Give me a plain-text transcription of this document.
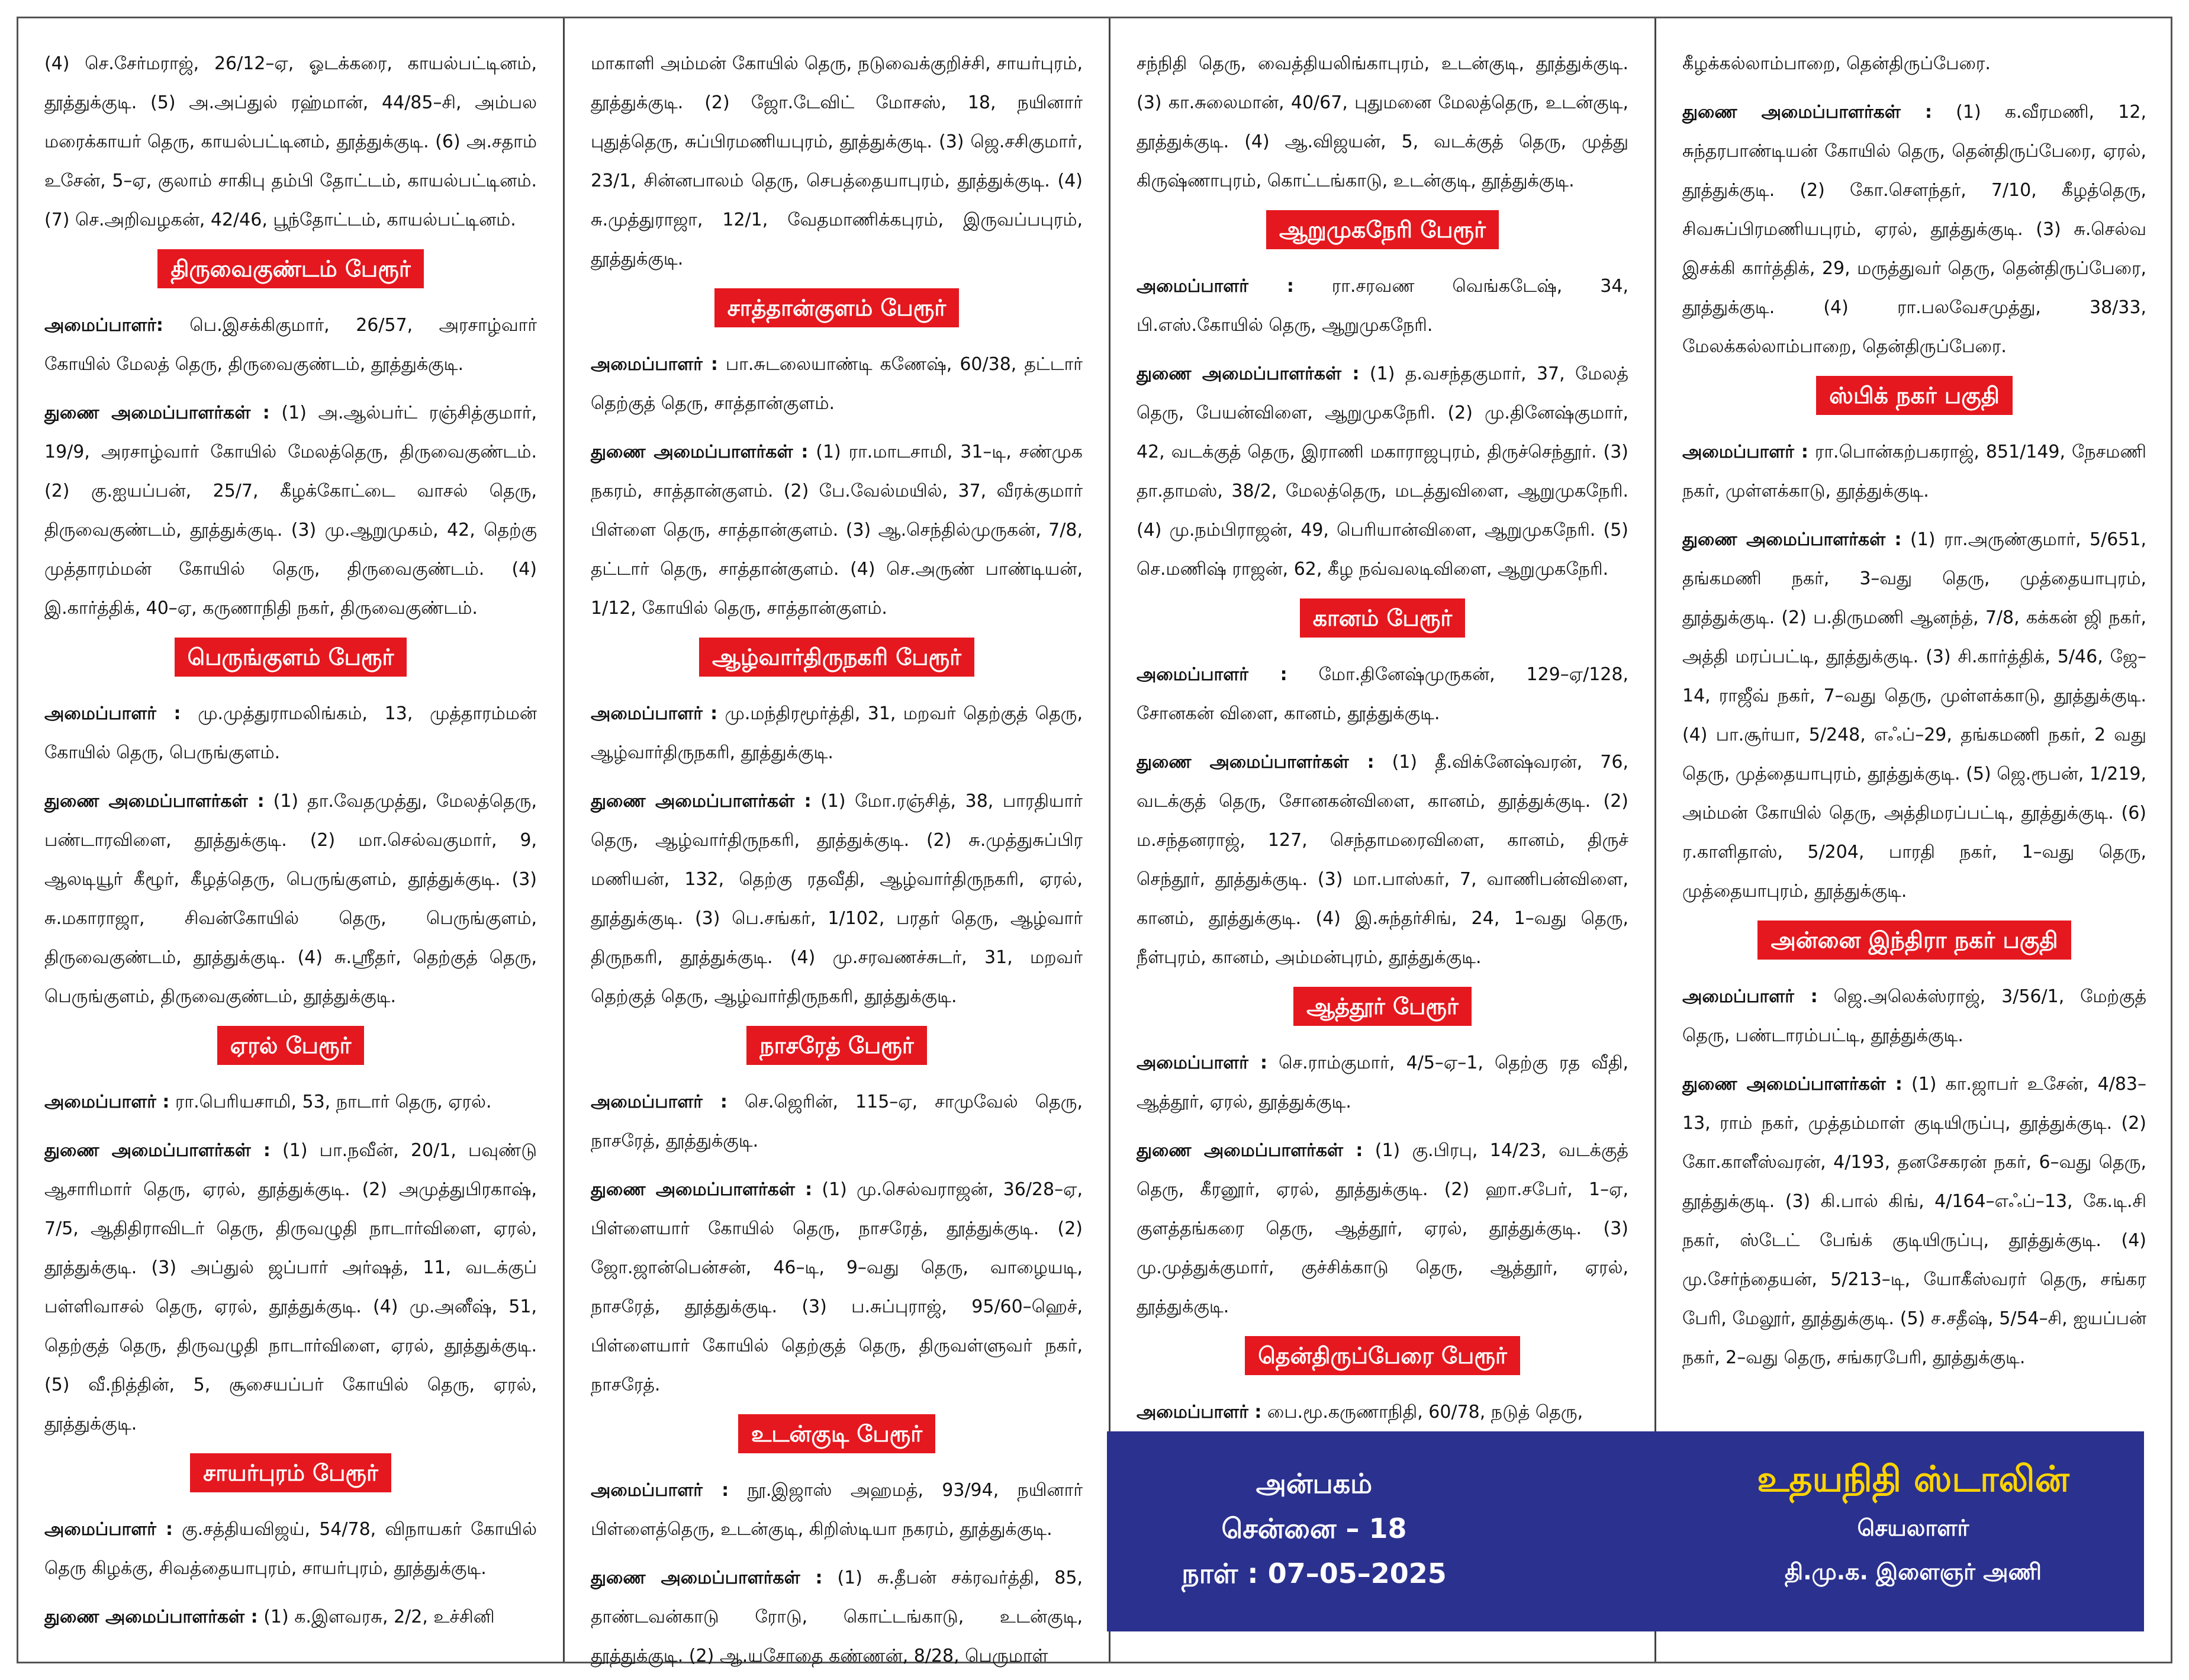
(4) செ.சேர்மராஜ், 26/12–ஏ, ஓடக்கரை, காயல்பட்டினம், தூத்துக்குடி. (5) அ.அப்துல் ரஹ்மான், 44/85–சி, அம்பல மரைக்காயர் தெரு, காயல்பட்டினம், தூத்துக்குடி. (6) அ.சதாம் உசேன், 5–ஏ, குலாம் சாகிபு தம்பி தோட்டம், காயல்பட்டினம். (7) செ.அறிவழகன், 42/46, பூந்தோட்டம், காயல்பட்டினம்.

திருவைகுண்டம் பேரூர்

அமைப்பாளர்: பெ.இசக்கிகுமார், 26/57, அரசாழ்வார் கோயில் மேலத் தெரு, திருவைகுண்டம், தூத்துக்குடி.

துணை அமைப்பாளர்கள் : (1) அ.ஆல்பர்ட் ரஞ்சித்குமார், 19/9, அரசாழ்வார் கோயில் மேலத்தெரு, திருவைகுண்டம். (2) கு.ஐயப்பன், 25/7, கீழக்கோட்டை வாசல் தெரு, திருவைகுண்டம், தூத்துக்குடி. (3) மு.ஆறுமுகம், 42, தெற்கு முத்தாரம்மன் கோயில் தெரு, திருவைகுண்டம். (4) இ.கார்த்திக், 40–ஏ, கருணாநிதி நகர், திருவைகுண்டம்.

பெருங்குளம் பேரூர்

அமைப்பாளர் : மு.முத்துராமலிங்கம், 13, முத்தாரம்மன் கோயில் தெரு, பெருங்குளம்.

துணை அமைப்பாளர்கள் : (1) தா.வேதமுத்து, மேலத்தெரு, பண்டாரவிளை, தூத்துக்குடி. (2) மா.செல்வகுமார், 9, ஆலடியூர் கீழூர், கீழத்தெரு, பெருங்குளம், தூத்துக்குடி. (3) சு.மகாராஜா, சிவன்கோயில் தெரு, பெருங்குளம், திருவைகுண்டம், தூத்துக்குடி. (4) சு.ஸ்ரீதர், தெற்குத் தெரு, பெருங்குளம், திருவைகுண்டம், தூத்துக்குடி.

ஏரல் பேரூர்

அமைப்பாளர் : ரா.பெரியசாமி, 53, நாடார் தெரு, ஏரல்.

துணை அமைப்பாளர்கள் : (1) பா.நவீன், 20/1, பவுண்டு ஆசாரிமார் தெரு, ஏரல், தூத்துக்குடி. (2) அமுத்துபிரகாஷ், 7/5, ஆதிதிராவிடர் தெரு, திருவழுதி நாடார்விளை, ஏரல், தூத்துக்குடி. (3) அப்துல் ஜப்பார் அர்ஷத், 11, வடக்குப் பள்ளிவாசல் தெரு, ஏரல், தூத்துக்குடி. (4) மு.அனீஷ், 51, தெற்குத் தெரு, திருவழுதி நாடார்விளை, ஏரல், தூத்துக்குடி. (5) வீ.நித்தின், 5, சூசையப்பர் கோயில் தெரு, ஏரல், தூத்துக்குடி.

சாயர்புரம் பேரூர்

அமைப்பாளர் : கு.சத்தியவிஜய், 54/78, விநாயகர் கோயில் தெரு கிழக்கு, சிவத்தையாபுரம், சாயர்புரம், தூத்துக்குடி.

துணை அமைப்பாளர்கள் : (1) க.இளவரசு, 2/2, உச்சினி

மாகாளி அம்மன் கோயில் தெரு, நடுவைக்குறிச்சி, சாயர்புரம், தூத்துக்குடி. (2) ஜோ.டேவிட் மோசஸ், 18, நயினார் புதுத்தெரு, சுப்பிரமணியபுரம், தூத்துக்குடி. (3) ஜெ.சசிகுமார், 23/1, சின்னபாலம் தெரு, செபத்தையாபுரம், தூத்துக்குடி. (4) சு.முத்துராஜா, 12/1, வேதமாணிக்கபுரம், இருவப்பபுரம், தூத்துக்குடி.

சாத்தான்குளம் பேரூர்

அமைப்பாளர் : பா.சுடலையாண்டி கணேஷ், 60/38, தட்டார் தெற்குத் தெரு, சாத்தான்குளம்.

துணை அமைப்பாளர்கள் : (1) ரா.மாடசாமி, 31–டி, சண்முக நகரம், சாத்தான்குளம். (2) பே.வேல்மயில், 37, வீரக்குமார் பிள்ளை தெரு, சாத்தான்குளம். (3) ஆ.செந்தில்முருகன், 7/8, தட்டார் தெரு, சாத்தான்குளம். (4) செ.அருண் பாண்டியன், 1/12, கோயில் தெரு, சாத்தான்குளம்.

ஆழ்வார்திருநகரி பேரூர்

அமைப்பாளர் : மு.மந்திரமூர்த்தி, 31, மறவர் தெற்குத் தெரு, ஆழ்வார்திருநகரி, தூத்துக்குடி.

துணை அமைப்பாளர்கள் : (1) மோ.ரஞ்சித், 38, பாரதியார் தெரு, ஆழ்வார்திருநகரி, தூத்துக்குடி. (2) சு.முத்துசுப்பிர மணியன், 132, தெற்கு ரதவீதி, ஆழ்வார்திருநகரி, ஏரல், தூத்துக்குடி. (3) பெ.சங்கர், 1/102, பரதர் தெரு, ஆழ்வார் திருநகரி, தூத்துக்குடி. (4) மு.சரவணச்சுடர், 31, மறவர் தெற்குத் தெரு, ஆழ்வார்திருநகரி, தூத்துக்குடி.

நாசரேத் பேரூர்

அமைப்பாளர் : செ.ஜெரின், 115–ஏ, சாமுவேல் தெரு, நாசரேத், தூத்துக்குடி.

துணை அமைப்பாளர்கள் : (1) மு.செல்வராஜன், 36/28–ஏ, பிள்ளையார் கோயில் தெரு, நாசரேத், தூத்துக்குடி. (2) ஜோ.ஜான்பென்சன், 46–டி, 9–வது தெரு, வாழையடி, நாசரேத், தூத்துக்குடி. (3) ப.சுப்புராஜ், 95/60–ஹெச், பிள்ளையார் கோயில் தெற்குத் தெரு, திருவள்ளுவர் நகர், நாசரேத்.

உடன்குடி பேரூர்

அமைப்பாளர் : நூ.இஜாஸ் அஹமத், 93/94, நயினார் பிள்ளைத்தெரு, உடன்குடி, கிறிஸ்டியா நகரம், தூத்துக்குடி.

துணை அமைப்பாளர்கள் : (1) சு.தீபன் சக்ரவர்த்தி, 85, தாண்டவன்காடு ரோடு, கொட்டங்காடு, உடன்குடி, தூத்துக்குடி. (2) ஆ.யசோதை கண்ணன், 8/28, பெருமாள்

சந்நிதி தெரு, வைத்தியலிங்காபுரம், உடன்குடி, தூத்துக்குடி. (3) கா.சுலைமான், 40/67, புதுமனை மேலத்தெரு, உடன்குடி, தூத்துக்குடி. (4) ஆ.விஜயன், 5, வடக்குத் தெரு, முத்து கிருஷ்ணாபுரம், கொட்டங்காடு, உடன்குடி, தூத்துக்குடி.

ஆறுமுகநேரி பேரூர்

அமைப்பாளர் : ரா.சரவண வெங்கடேஷ், 34, பி.எஸ்.கோயில் தெரு, ஆறுமுகநேரி.

துணை அமைப்பாளர்கள் : (1) த.வசந்தகுமார், 37, மேலத் தெரு, பேயன்விளை, ஆறுமுகநேரி. (2) மு.தினேஷ்குமார், 42, வடக்குத் தெரு, இராணி மகாராஜபுரம், திருச்செந்தூர். (3) தா.தாமஸ், 38/2, மேலத்தெரு, மடத்துவிளை, ஆறுமுகநேரி. (4) மு.நம்பிராஜன், 49, பெரியான்விளை, ஆறுமுகநேரி. (5) செ.மணிஷ் ராஜன், 62, கீழ நவ்வலடிவிளை, ஆறுமுகநேரி.

கானம் பேரூர்

அமைப்பாளர் : மோ.தினேஷ்முருகன், 129–ஏ/128, சோனகன் விளை, கானம், தூத்துக்குடி.

துணை அமைப்பாளர்கள் : (1) தீ.விக்னேஷ்வரன், 76, வடக்குத் தெரு, சோனகன்விளை, கானம், தூத்துக்குடி. (2) ம.சந்தனராஜ், 127, செந்தாமரைவிளை, கானம், திருச் செந்தூர், தூத்துக்குடி. (3) மா.பாஸ்கர், 7, வாணிபன்விளை, கானம், தூத்துக்குடி. (4) இ.சுந்தர்சிங், 24, 1–வது தெரு, நீள்புரம், கானம், அம்மன்புரம், தூத்துக்குடி.

ஆத்தூர் பேரூர்

அமைப்பாளர் : செ.ராம்குமார், 4/5–ஏ–1, தெற்கு ரத வீதி, ஆத்தூர், ஏரல், தூத்துக்குடி.

துணை அமைப்பாளர்கள் : (1) கு.பிரபு, 14/23, வடக்குத் தெரு, கீரனூர், ஏரல், தூத்துக்குடி. (2) ஹா.சபேர், 1–ஏ, குளத்தங்கரை தெரு, ஆத்தூர், ஏரல், தூத்துக்குடி. (3) மு.முத்துக்குமார், குச்சிக்காடு தெரு, ஆத்தூர், ஏரல், தூத்துக்குடி.

தென்திருப்பேரை பேரூர்

அமைப்பாளர் : பை.மூ.கருணாநிதி, 60/78, நடுத் தெரு,

கீழக்கல்லாம்பாறை, தென்திருப்பேரை.

துணை அமைப்பாளர்கள் : (1) க.வீரமணி, 12, சுந்தரபாண்டியன் கோயில் தெரு, தென்திருப்பேரை, ஏரல், தூத்துக்குடி. (2) கோ.சௌந்தர், 7/10, கீழத்தெரு, சிவசுப்பிரமணியபுரம், ஏரல், தூத்துக்குடி. (3) சு.செல்வ இசக்கி கார்த்திக், 29, மருத்துவர் தெரு, தென்திருப்பேரை, தூத்துக்குடி. (4) ரா.பலவேசமுத்து, 38/33, மேலக்கல்லாம்பாறை, தென்திருப்பேரை.

ஸ்பிக் நகர் பகுதி

அமைப்பாளர் : ரா.பொன்கற்பகராஜ், 851/149, நேசமணி நகர், முள்ளக்காடு, தூத்துக்குடி.

துணை அமைப்பாளர்கள் : (1) ரா.அருண்குமார், 5/651, தங்கமணி நகர், 3–வது தெரு, முத்தையாபுரம், தூத்துக்குடி. (2) ப.திருமணி ஆனந்த், 7/8, கக்கன் ஜி நகர், அத்தி மரப்பட்டி, தூத்துக்குடி. (3) சி.கார்த்திக், 5/46, ஜே–14, ராஜீவ் நகர், 7–வது தெரு, முள்ளக்காடு, தூத்துக்குடி. (4) பா.சூர்யா, 5/248, எஃப்–29, தங்கமணி நகர், 2 வது தெரு, முத்தையாபுரம், தூத்துக்குடி. (5) ஜெ.ரூபன், 1/219, அம்மன் கோயில் தெரு, அத்திமரப்பட்டி, தூத்துக்குடி. (6) ர.காளிதாஸ், 5/204, பாரதி நகர், 1–வது தெரு, முத்தையாபுரம், தூத்துக்குடி.

அன்னை இந்திரா நகர் பகுதி

அமைப்பாளர் : ஜெ.அலெக்ஸ்ராஜ், 3/56/1, மேற்குத் தெரு, பண்டாரம்பட்டி, தூத்துக்குடி.

துணை அமைப்பாளர்கள் : (1) கா.ஜாபர் உசேன், 4/83–13, ராம் நகர், முத்தம்மாள் குடியிருப்பு, தூத்துக்குடி. (2) கோ.காளீஸ்வரன், 4/193, தனசேகரன் நகர், 6–வது தெரு, தூத்துக்குடி. (3) கி.பால் கிங், 4/164–எஃப்–13, கே.டி.சி நகர், ஸ்டேட் பேங்க் குடியிருப்பு, தூத்துக்குடி. (4) மு.சேர்ந்தையன், 5/213–டி, யோகீஸ்வரர் தெரு, சங்கர பேரி, மேலூர், தூத்துக்குடி. (5) ச.சதீஷ், 5/54–சி, ஐயப்பன் நகர், 2–வது தெரு, சங்கரபேரி, தூத்துக்குடி.

அன்பகம்
சென்னை – 18
நாள் : 07–05–2025
உதயநிதி ஸ்டாலின்
செயலாளர்
தி.மு.க. இளைஞர் அணி
